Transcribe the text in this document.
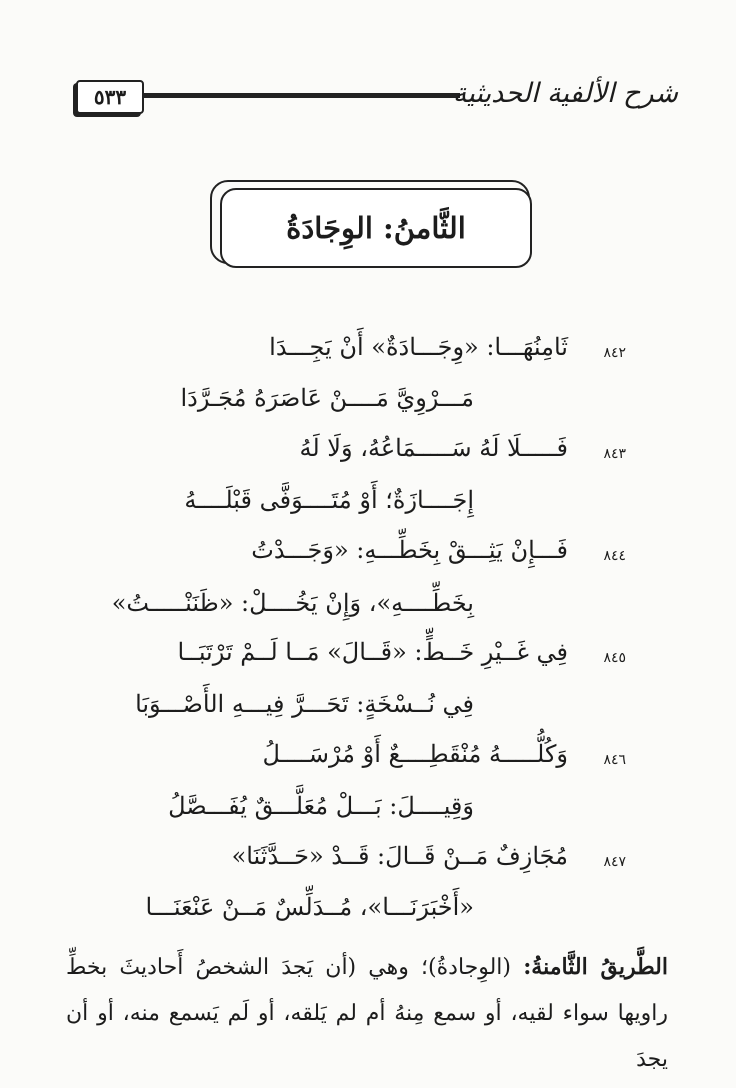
٥٣٣	شرح الألفية الحديثية
الثَّامنُ: الوِجَادَةُ
٨٤٢
ثَامِنُهَـــا: «وِجَـــادَةٌ» أَنْ يَجِـــدَا
مَـــرْوِيَّ مَــــنْ عَاصَرَهُ مُجَـرَّدَا
٨٤٣
فَـــــلَا لَهُ سَـــــمَاعُهُ، وَلَا لَهُ
إِجَــــازَةٌ؛ أَوْ مُتَــــوَفَّى قَبْلَــــهُ
٨٤٤
فَـــإِنْ يَثِـــقْ بِخَطِّـــهِ: «وَجَـــدْتُ
بِخَطِّــــهِ»، وَإِنْ يَخُــــلْ: «ظَنَنْـــــتُ»
٨٤٥
فِي غَــيْرِ خَــطٍّ: «قَــالَ» مَــا لَــمْ تَرْتَبَــا
فِي نُــسْخَةٍ: تَحَـــرَّ فِيـــهِ الأَصْـــوَبَا
٨٤٦
وَكُلُّـــــهُ مُنْقَطِــــعٌ أَوْ مُرْسَــــلُ
وَقِيــــلَ: بَـــلْ مُعَلَّـــقٌ يُفَـــصَّلُ
٨٤٧
مُجَازِفٌ مَــنْ قَــالَ: قَــدْ «حَــدَّثَنَا»
«أَخْبَرَنَـــا»، مُــدَلِّسٌ مَــنْ عَنْعَنَـــا
الطَّريقُ الثَّامنةُ: (الوِجادةُ)؛ وهي (أن يَجدَ الشخصُ أَحاديثَ بخطِّ راويها سواء لقيه، أو سمع مِنهُ أم لم يَلقه، أو لَم يَسمع منه، أو أن يجدَ
